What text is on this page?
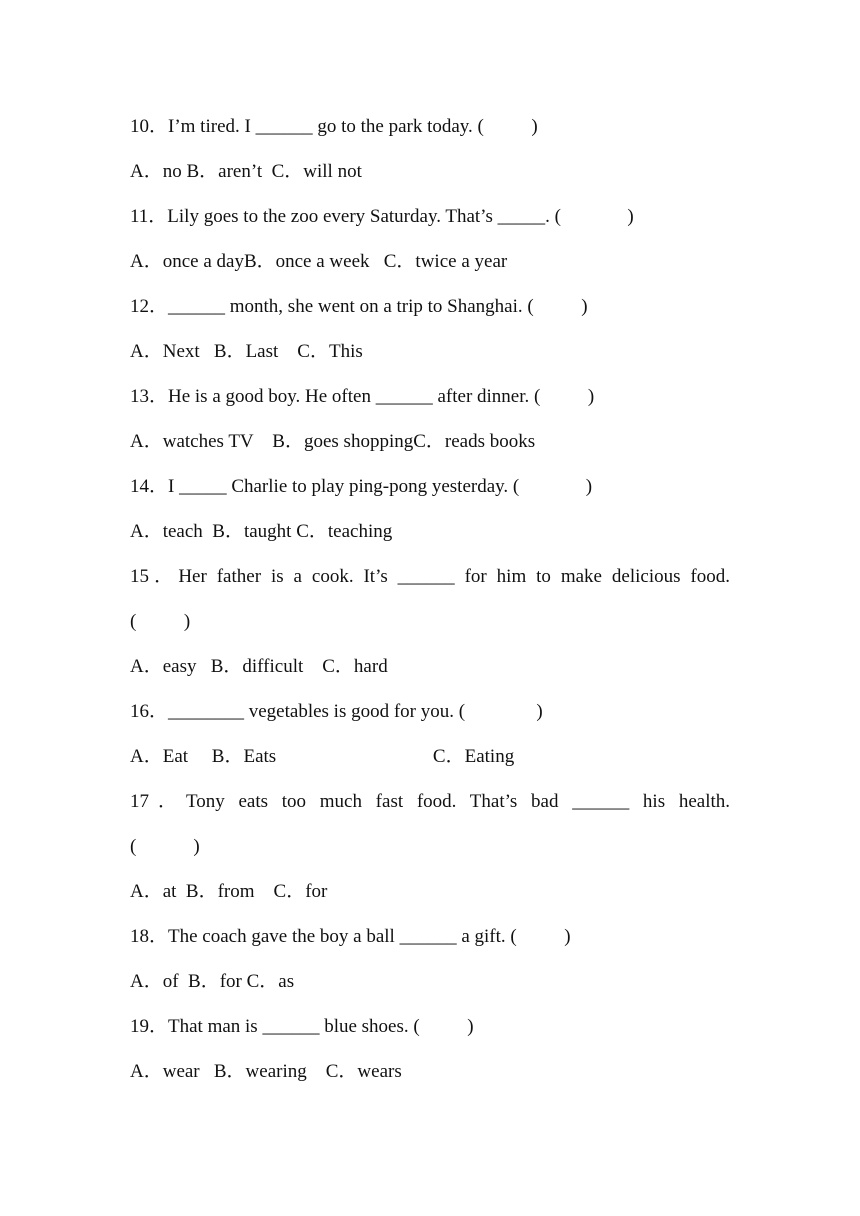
10．I’m tired. I ______ go to the park today. (          )
A．no B．aren’t  C．will not
11．Lily goes to the zoo every Saturday. That’s _____. (              )
A．once a dayB．once a week   C．twice a year
12．______ month, she went on a trip to Shanghai. (          )
A．Next   B．Last    C．This
13．He is a good boy. He often ______ after dinner. (          )
A．watches TV    B．goes shoppingC．reads books
14．I _____ Charlie to play ping-pong yesterday. (              )
A．teach  B．taught C．teaching
15．Her father is a cook. It’s ______ for him to make delicious food.
(          )
A．easy   B．difficult    C．hard
16．________ vegetables is good for you. (               )
A．Eat     B．Eats                                 C．Eating
17．Tony eats too much fast food. That’s bad ______ his health.
(            )
A．at  B．from    C．for
18．The coach gave the boy a ball ______ a gift. (          )
A．of  B．for C．as
19．That man is ______ blue shoes. (          )
A．wear   B．wearing    C．wears
